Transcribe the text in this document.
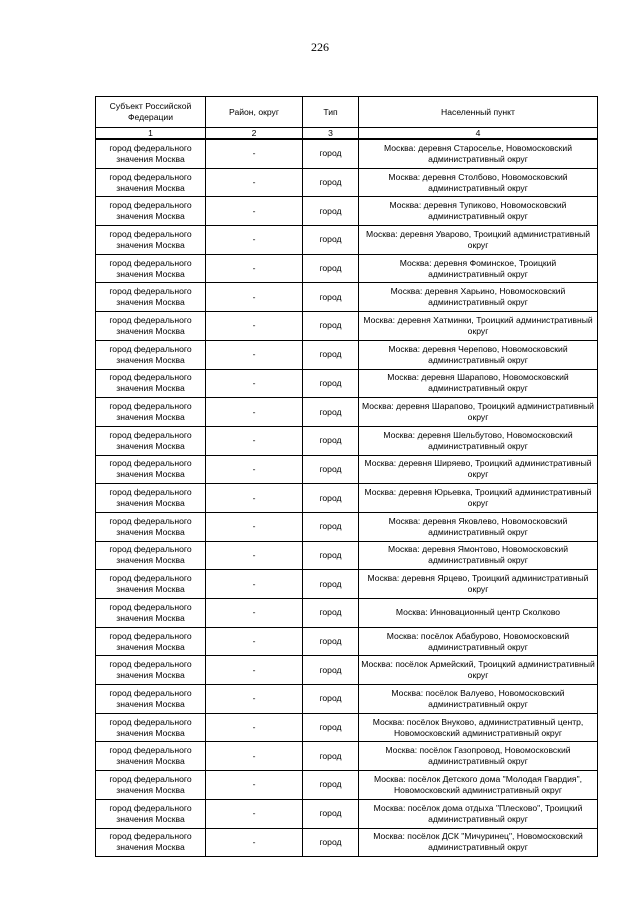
226
Субъект Российской Федерации	Район, округ	Тип	Населенный пункт
1	2	3	4
город федерального значения Москва	-	город	Москва: деревня Староселье, Новомосковский административный округ
город федерального значения Москва	-	город	Москва: деревня Столбово, Новомосковский административный округ
город федерального значения Москва	-	город	Москва: деревня Тупиково, Новомосковский административный округ
город федерального значения Москва	-	город	Москва: деревня Уварово, Троицкий административный округ
город федерального значения Москва	-	город	Москва: деревня Фоминское, Троицкий административный округ
город федерального значения Москва	-	город	Москва: деревня Харьино, Новомосковский административный округ
город федерального значения Москва	-	город	Москва: деревня Хатминки, Троицкий административный округ
город федерального значения Москва	-	город	Москва: деревня Черепово, Новомосковский административный округ
город федерального значения Москва	-	город	Москва: деревня Шарапово, Новомосковский административный округ
город федерального значения Москва	-	город	Москва: деревня Шарапово, Троицкий административный округ
город федерального значения Москва	-	город	Москва: деревня Шельбутово, Новомосковский административный округ
город федерального значения Москва	-	город	Москва: деревня Ширяево, Троицкий административный округ
город федерального значения Москва	-	город	Москва: деревня Юрьевка, Троицкий административный округ
город федерального значения Москва	-	город	Москва: деревня Яковлево, Новомосковский административный округ
город федерального значения Москва	-	город	Москва: деревня Ямонтово, Новомосковский административный округ
город федерального значения Москва	-	город	Москва: деревня Ярцево, Троицкий административный округ
город федерального значения Москва	-	город	Москва: Инновационный центр Сколково
город федерального значения Москва	-	город	Москва: посёлок Абабурово, Новомосковский административный округ
город федерального значения Москва	-	город	Москва: посёлок Армейский, Троицкий административный округ
город федерального значения Москва	-	город	Москва: посёлок Валуево, Новомосковский административный округ
город федерального значения Москва	-	город	Москва: посёлок Внуково, административный центр, Новомосковский административный округ
город федерального значения Москва	-	город	Москва: посёлок Газопровод, Новомосковский административный округ
город федерального значения Москва	-	город	Москва: посёлок Детского дома "Молодая Гвардия", Новомосковский административный округ
город федерального значения Москва	-	город	Москва: посёлок дома отдыха "Плесково", Троицкий административный округ
город федерального значения Москва	-	город	Москва: посёлок ДСК "Мичуринец", Новомосковский административный округ
